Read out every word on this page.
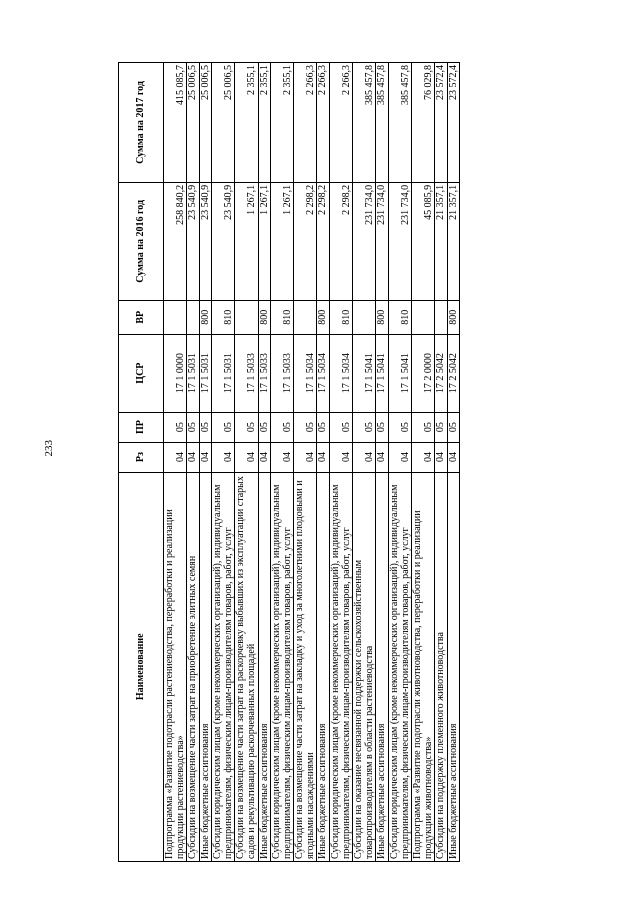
233
Наименование	Рз	ПР	ЦСР	ВР	Сумма на 2016 год	Сумма на 2017 год
Подпрограмма «Развитие подотрасли растениеводства, переработки и реализации продукции растениеводства»	04	05	17 1 0000		258 840,2	415 085,7
Субсидии на возмещение части затрат на приобретение элитных семян	04	05	17 1 5031		23 540,9	25 006,5
Иные бюджетные ассигнования	04	05	17 1 5031	800	23 540,9	25 006,5
Субсидии юридическим лицам (кроме некоммерческих организаций), индивидуальным предпринимателям, физическим лицам-производителям товаров, работ, услуг	04	05	17 1 5031	810	23 540,9	25 006,5
Субсидии на возмещение части затрат на раскорчевку выбывших из эксплуатации старых садов и рекультивацию раскорчеванных площадей	04	05	17 1 5033		1 267,1	2 355,1
Иные бюджетные ассигнования	04	05	17 1 5033	800	1 267,1	2 355,1
Субсидии юридическим лицам (кроме некоммерческих организаций), индивидуальным предпринимателям, физическим лицам-производителям товаров, работ, услуг	04	05	17 1 5033	810	1 267,1	2 355,1
Субсидии на возмещение части затрат на закладку и уход за многолетними плодовыми и ягодными насаждениями	04	05	17 1 5034		2 298,2	2 266,3
Иные бюджетные ассигнования	04	05	17 1 5034	800	2 298,2	2 266,3
Субсидии юридическим лицам (кроме некоммерческих организаций), индивидуальным предпринимателям, физическим лицам-производителям товаров, работ, услуг	04	05	17 1 5034	810	2 298,2	2 266,3
Субсидии на оказание несвязанной поддержки сельскохозяйственным товаропроизводителям в области растениеводства	04	05	17 1 5041		231 734,0	385 457,8
Иные бюджетные ассигнования	04	05	17 1 5041	800	231 734,0	385 457,8
Субсидии юридическим лицам (кроме некоммерческих организаций), индивидуальным предпринимателям, физическим лицам-производителям товаров, работ, услуг	04	05	17 1 5041	810	231 734,0	385 457,8
Подпрограмма «Развитие подотрасли животноводства, переработки и реализации продукции животноводства»	04	05	17 2 0000		45 085,9	76 029,8
Субсидии на поддержку племенного животноводства	04	05	17 2 5042		21 357,1	23 572,4
Иные бюджетные ассигнования	04	05	17 2 5042	800	21 357,1	23 572,4
